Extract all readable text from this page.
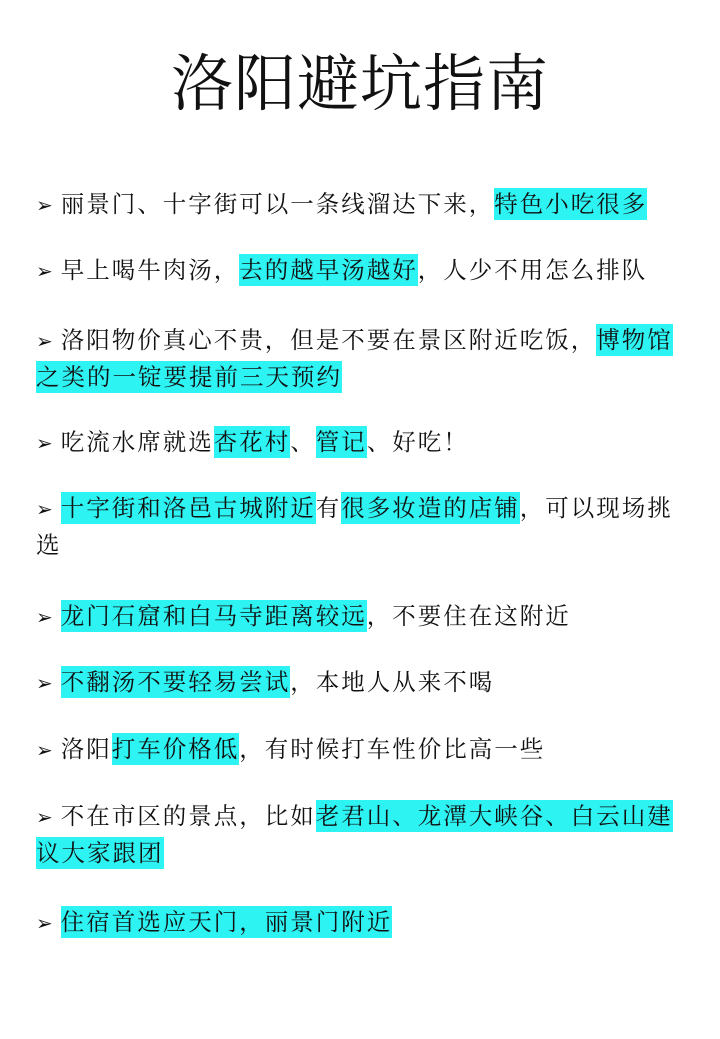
洛阳避坑指南
➢ 丽景门、十字街可以一条线溜达下来，特色小吃很多
➢ 早上喝牛肉汤，去的越早汤越好，人少不用怎么排队
➢ 洛阳物价真心不贵，但是不要在景区附近吃饭，博物馆之类的一锭要提前三天预约
➢ 吃流水席就选杏花村、管记、好吃！
➢ 十字街和洛邑古城附近有很多妆造的店铺，可以现场挑选
➢ 龙门石窟和白马寺距离较远，不要住在这附近
➢ 不翻汤不要轻易尝试，本地人从来不喝
➢ 洛阳打车价格低，有时候打车性价比高一些
➢ 不在市区的景点，比如老君山、龙潭大峡谷、白云山建议大家跟团
➢ 住宿首选应天门，丽景门附近
